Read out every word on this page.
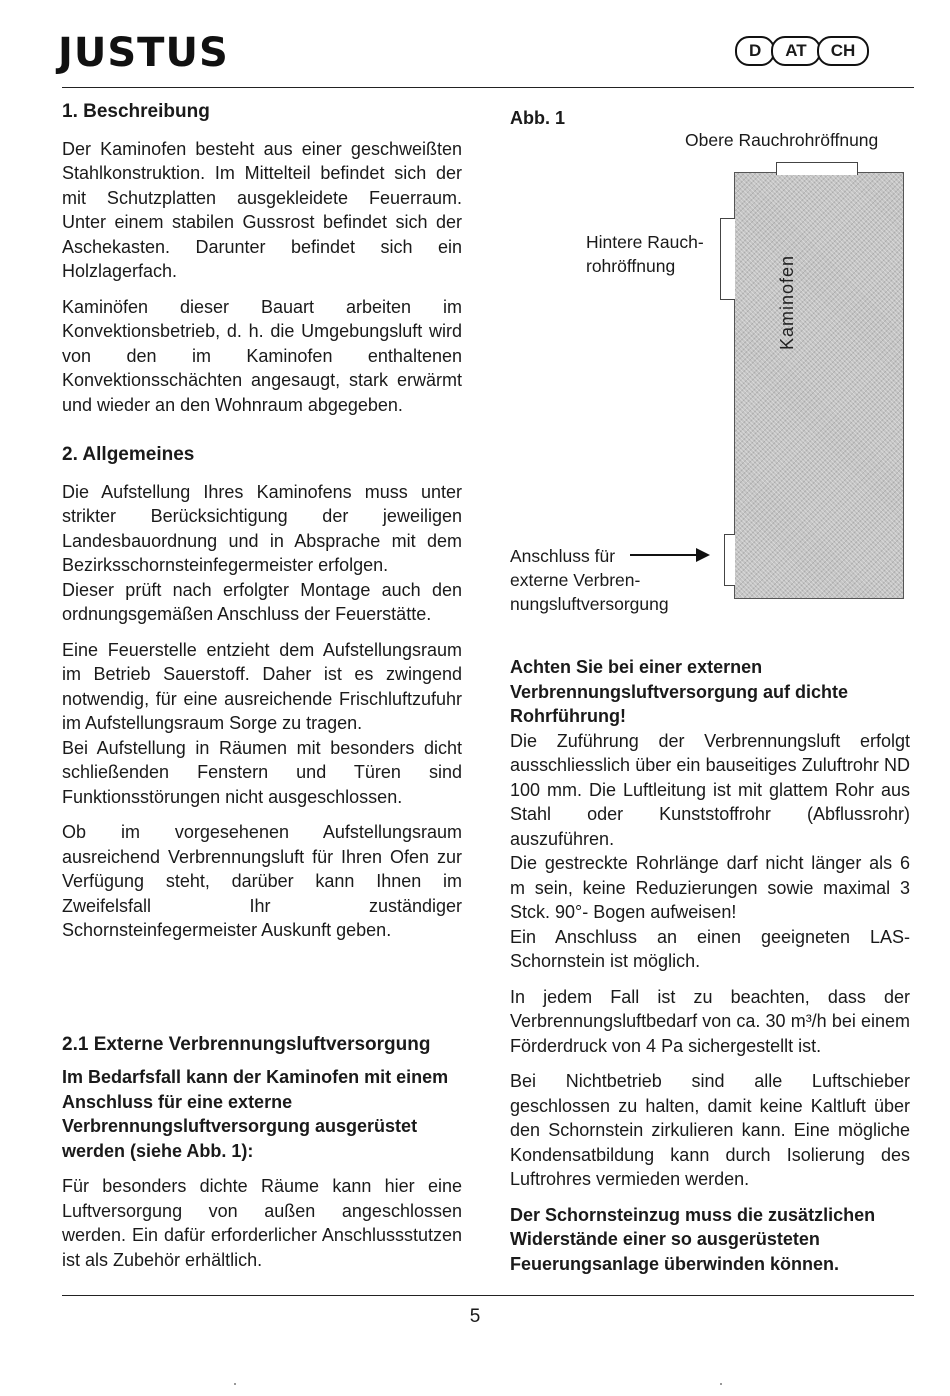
JUSTUS	D	AT	CH
1. Beschreibung

Der Kaminofen besteht aus einer geschweißten Stahlkonstruktion. Im Mittelteil befindet sich der mit Schutzplatten ausgekleidete Feuerraum. Unter einem stabilen Gussrost befindet sich der Aschekasten. Darunter befindet sich ein Holzlagerfach.

Kaminöfen dieser Bauart arbeiten im Konvektionsbetrieb, d. h. die Umgebungsluft wird von den im Kaminofen enthaltenen Konvektionsschächten angesaugt, stark erwärmt und wieder an den Wohnraum abgegeben.

2. Allgemeines

Die Aufstellung Ihres Kaminofens muss unter strikter Berücksichtigung der jeweiligen Landesbauordnung und in Absprache mit dem Bezirksschornsteinfegermeister erfolgen.

Dieser prüft nach erfolgter Montage auch den ordnungsgemäßen Anschluss der Feuerstätte.

Eine Feuerstelle entzieht dem Aufstellungsraum im Betrieb Sauerstoff. Daher ist es zwingend notwendig, für eine ausreichende Frischluftzufuhr im Aufstellungsraum Sorge zu tragen.

Bei Aufstellung in Räumen mit besonders dicht schließenden Fenstern und Türen sind Funktionsstörungen nicht ausgeschlossen.

Ob im vorgesehenen Aufstellungsraum ausreichend Verbrennungsluft für Ihren Ofen zur Verfügung steht, darüber kann Ihnen im Zweifelsfall Ihr zuständiger Schornsteinfegermeister Auskunft geben.

2.1 Externe Verbrennungsluftversorgung

Im Bedarfsfall kann der Kaminofen mit einem Anschluss für eine externe Verbrennungsluftversorgung ausgerüstet werden (siehe Abb. 1):

Für besonders dichte Räume kann hier eine Luftversorgung von außen angeschlossen werden. Ein dafür erforderlicher Anschlussstutzen ist als Zubehör erhältlich.

Abb. 1
Obere Rauchrohröffnung
Kaminofen
Hintere Rauch-
rohröffnung
Anschluss für
externe Verbren-
nungsluftversorgung

Achten Sie bei einer externen Verbrennungsluftversorgung auf dichte Rohrführung!

Die Zuführung der Verbrennungsluft erfolgt ausschliesslich über ein bauseitiges Zuluftrohr ND 100 mm. Die Luftleitung ist mit glattem Rohr aus Stahl oder Kunststoffrohr (Abflussrohr) auszuführen.

Die gestreckte Rohrlänge darf nicht länger als 6 m sein, keine Reduzierungen sowie maximal 3 Stck. 90°- Bogen aufweisen!

Ein Anschluss an einen geeigneten LAS-Schornstein ist möglich.

In jedem Fall ist zu beachten, dass der Verbrennungsluftbedarf von ca. 30 m³/h bei einem Förderdruck von 4 Pa sichergestellt ist.

Bei Nichtbetrieb sind alle Luftschieber geschlossen zu halten, damit keine Kaltluft über den Schornstein zirkulieren kann. Eine mögliche Kondensatbildung kann durch Isolierung des Luftrohres vermieden werden.

Der Schornsteinzug muss die zusätzlichen Widerstände einer so ausgerüsteten Feuerungsanlage überwinden können.

5
